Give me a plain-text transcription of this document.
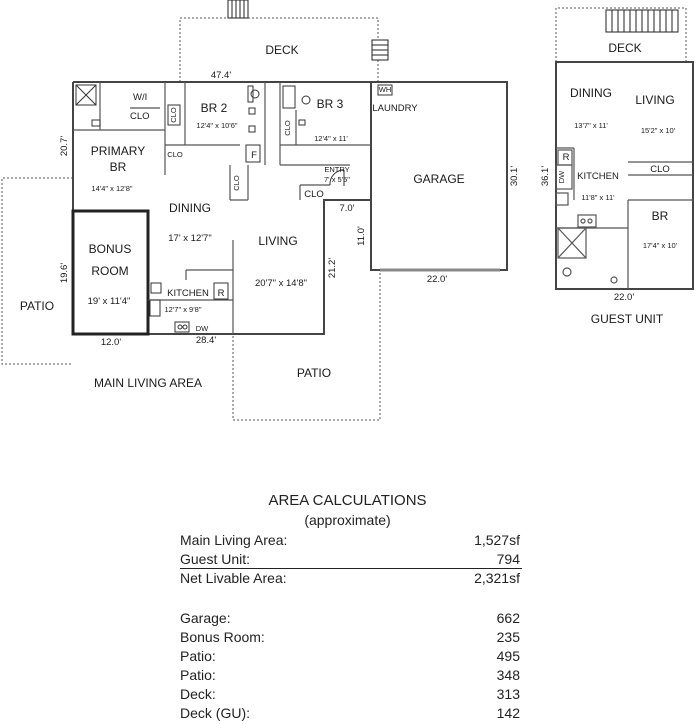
DECK
47.4'
W/I
CLO
BR 2
12'4" x 10'6"
CLO
BR 3
12'4" x 11'
CLO
WH
LAUNDRY
20.7' PRIMARY
BR
14'4" x 12'8"
CLO	F
CLO
ENTRY
7' x 5'5"
CLO
7.0'
11.0'
DINING
17' x 12'7"	LIVING
20'7" x 14'8"
21.2'
GARAGE	30.1'
22.0'
BONUS
ROOM
19' x 11'4"
19.6'
PATIO
KITCHEN
12'7" x 9'8"
R
DW
12.0'	28.4'
PATIO
MAIN LIVING AREA
DECK
DINING
13'7" x 11'
LIVING
15'2" x 10'
R
DW
36.1'	KITCHEN
11'8" x 11'
CLO
BR
17'4" x 10'
22.0'
GUEST UNIT
AREA CALCULATIONS
(approximate)
Main Living Area:	1,527sf
Guest Unit:	794
Net Livable Area:	2,321sf
Garage:	662
Bonus Room:	235
Patio:	495
Patio:	348
Deck:	313
Deck (GU):	142
